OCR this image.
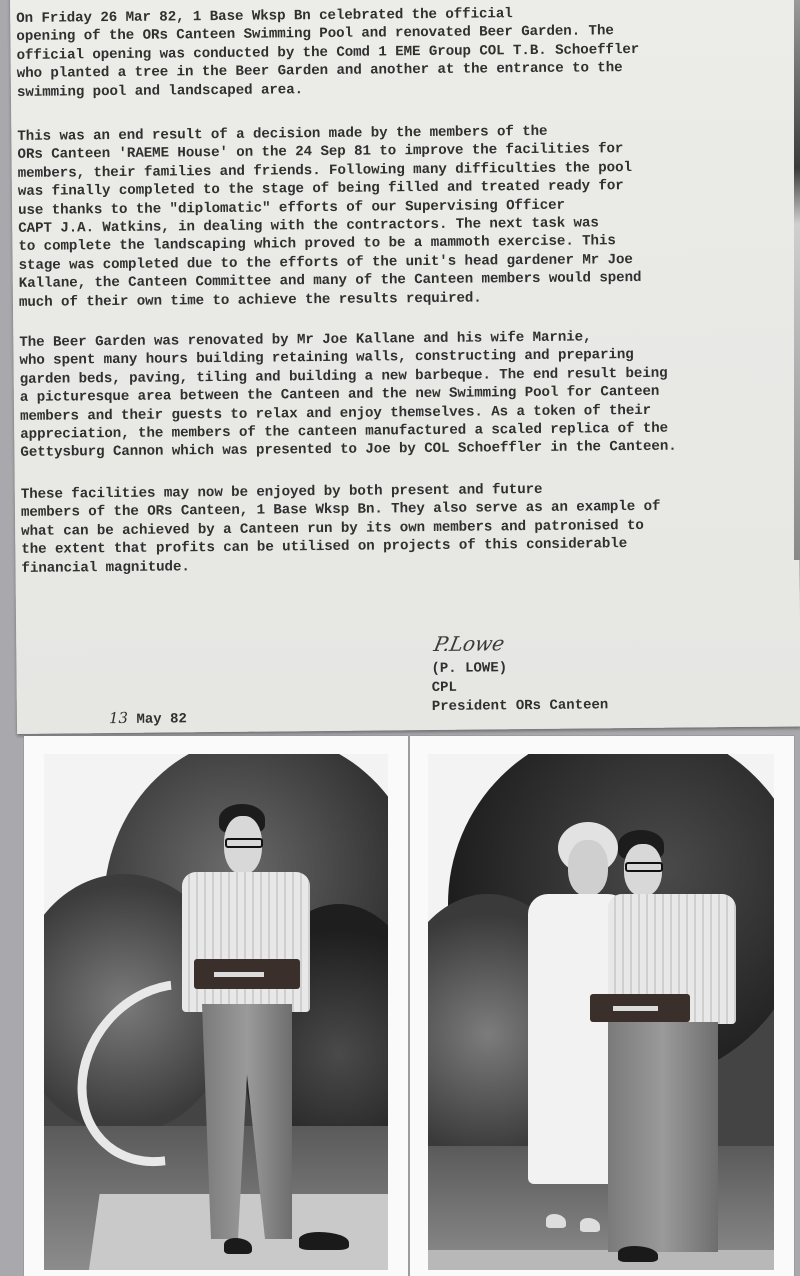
On Friday 26 Mar 82, 1 Base Wksp Bn celebrated the official
opening of the ORs Canteen Swimming Pool and renovated Beer Garden. The
official opening was conducted by the Comd 1 EME Group COL T.B. Schoeffler
who planted a tree in the Beer Garden and another at the entrance to the
swimming pool and landscaped area.
This was an end result of a decision made by the members of the
ORs Canteen 'RAEME House' on the 24 Sep 81 to improve the facilities for
members, their families and friends. Following many difficulties the pool
was finally completed to the stage of being filled and treated ready for
use thanks to the "diplomatic" efforts of our Supervising Officer
CAPT J.A. Watkins, in dealing with the contractors. The next task was
to complete the landscaping which proved to be a mammoth exercise. This
stage was completed due to the efforts of the unit's head gardener Mr Joe
Kallane, the Canteen Committee and many of the Canteen members would spend
much of their own time to achieve the results required.
The Beer Garden was renovated by Mr Joe Kallane and his wife Marnie,
who spent many hours building retaining walls, constructing and preparing
garden beds, paving, tiling and building a new barbeque. The end result being
a picturesque area between the Canteen and the new Swimming Pool for Canteen
members and their guests to relax and enjoy themselves. As a token of their
appreciation, the members of the canteen manufactured a scaled replica of the
Gettysburg Cannon which was presented to Joe by COL Schoeffler in the Canteen.
These facilities may now be enjoyed by both present and future
members of the ORs Canteen, 1 Base Wksp Bn. They also serve as an example of
what can be achieved by a Canteen run by its own members and patronised to
the extent that profits can be utilised on projects of this considerable
financial magnitude.
P.Lowe
(P. LOWE)
CPL
President ORs Canteen
13 May 82
